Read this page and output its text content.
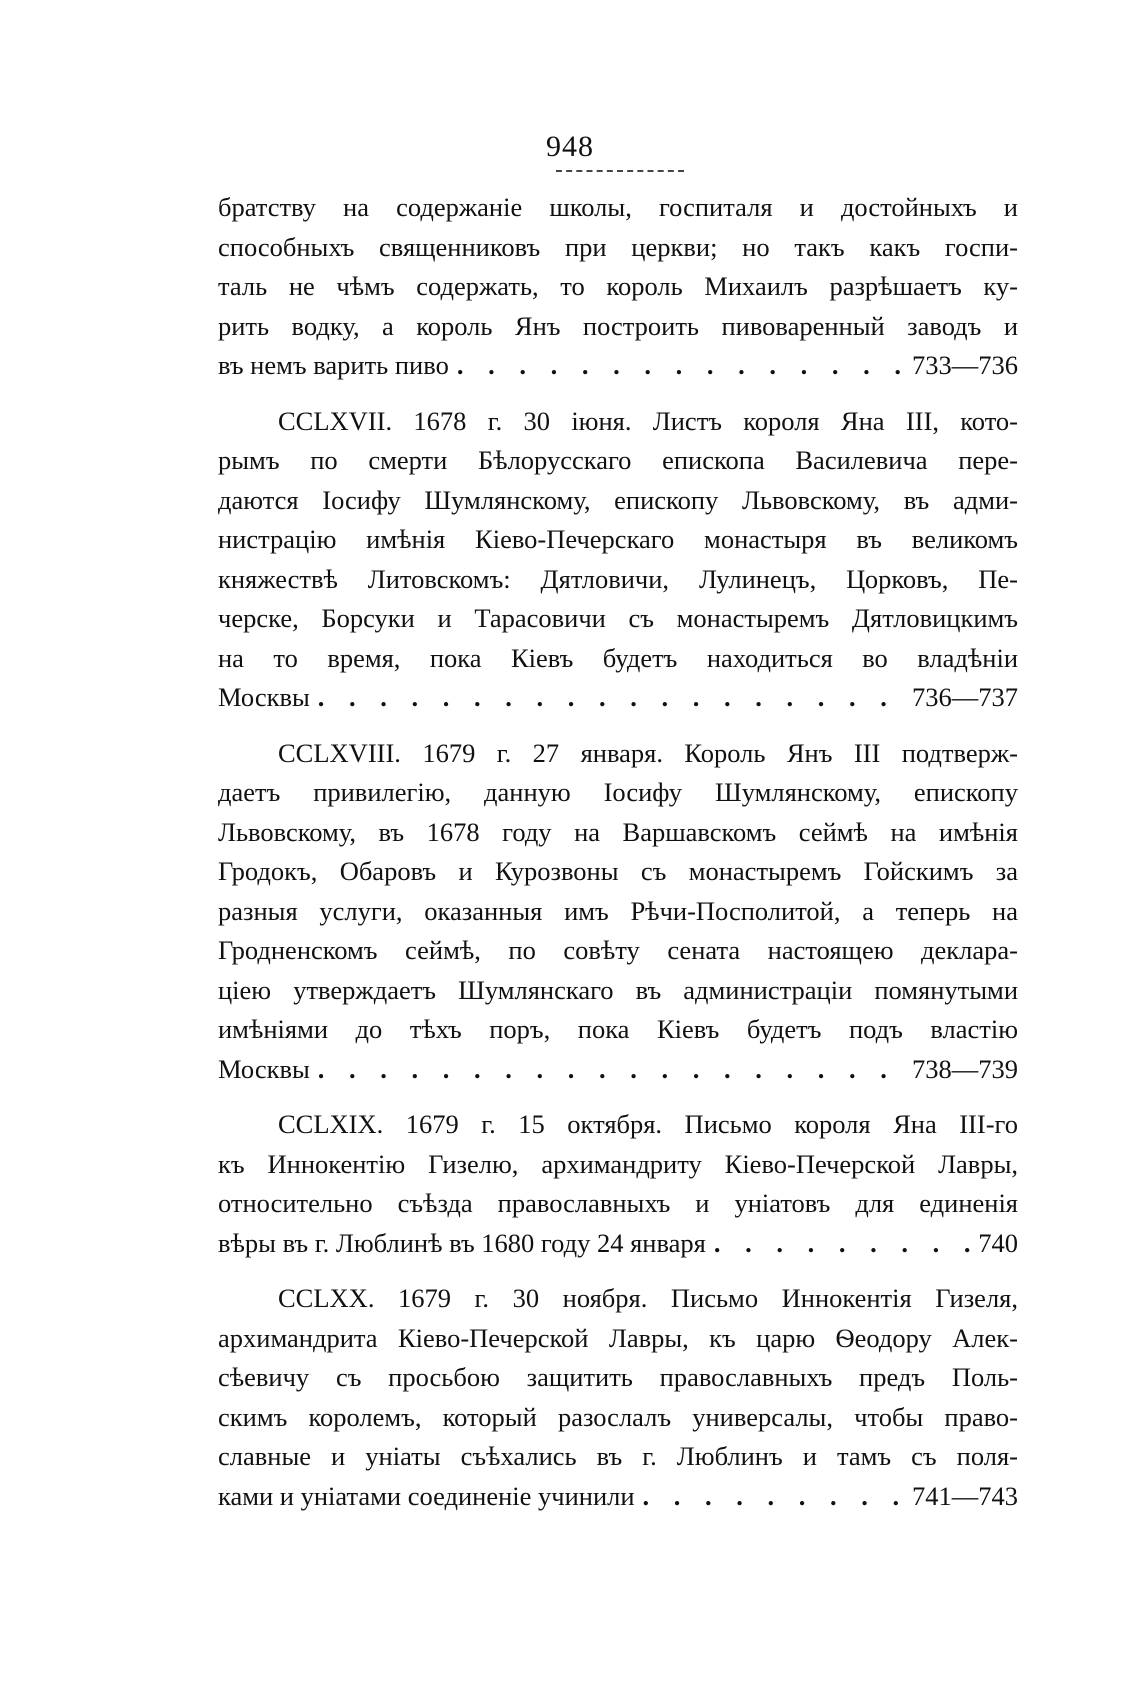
948
братству на содержаніе школы, госпиталя и достойныхъ и
способныхъ священниковъ при церкви; но такъ какъ госпи-
таль не чѣмъ содержать, то король Михаилъ разрѣшаетъ ку-
рить водку, а король Янъ построить пивоваренный заводъ и
въ немъ варить пиво . . .	733—736
CCLXVII. 1678 г. 30 іюня. Листъ короля Яна III, кото-
рымъ по смерти Бѣлорусскаго епископа Василевича пере-
даются Іосифу Шумлянскому, епископу Львовскому, въ адми-
нистрацію имѣнія Кіево-Печерскаго монастыря въ великомъ
княжествѣ Литовскомъ: Дятловичи, Лулинецъ, Цорковъ, Пе-
черске, Борсуки и Тарасовичи съ монастыремъ Дятловицкимъ
на то время, пока Кіевъ будетъ находиться во владѣніи
Москвы . . .	736—737
CCLXVIII. 1679 г. 27 января. Король Янъ III подтверж-
даетъ привилегію, данную Іосифу Шумлянскому, епископу
Львовскому, въ 1678 году на Варшавскомъ сеймѣ на имѣнія
Гродокъ, Обаровъ и Курозвоны съ монастыремъ Гойскимъ за
разныя услуги, оказанныя имъ Рѣчи-Посполитой, а теперь на
Гродненскомъ сеймѣ, по совѣту сената настоящею деклара-
ціею утверждаетъ Шумлянскаго въ администраціи помянутыми
имѣніями до тѣхъ поръ, пока Кіевъ будетъ подъ властію
Москвы . . .	738—739
CCLXIX. 1679 г. 15 октября. Письмо короля Яна III-го
къ Иннокентію Гизелю, архимандриту Кіево-Печерской Лавры,
относительно съѣзда православныхъ и уніатовъ для единенія
вѣры въ г. Люблинѣ въ 1680 году 24 января . . .	740
CCLXX. 1679 г. 30 ноября. Письмо Иннокентія Гизеля,
архимандрита Кіево-Печерской Лавры, къ царю Ѳеодору Алек-
сѣевичу съ просьбою защитить православныхъ предъ Поль-
скимъ королемъ, который разослалъ универсалы, чтобы право-
славные и уніаты съѣхались въ г. Люблинъ и тамъ съ поля-
ками и уніатами соединеніе учинили . . .	741—743
